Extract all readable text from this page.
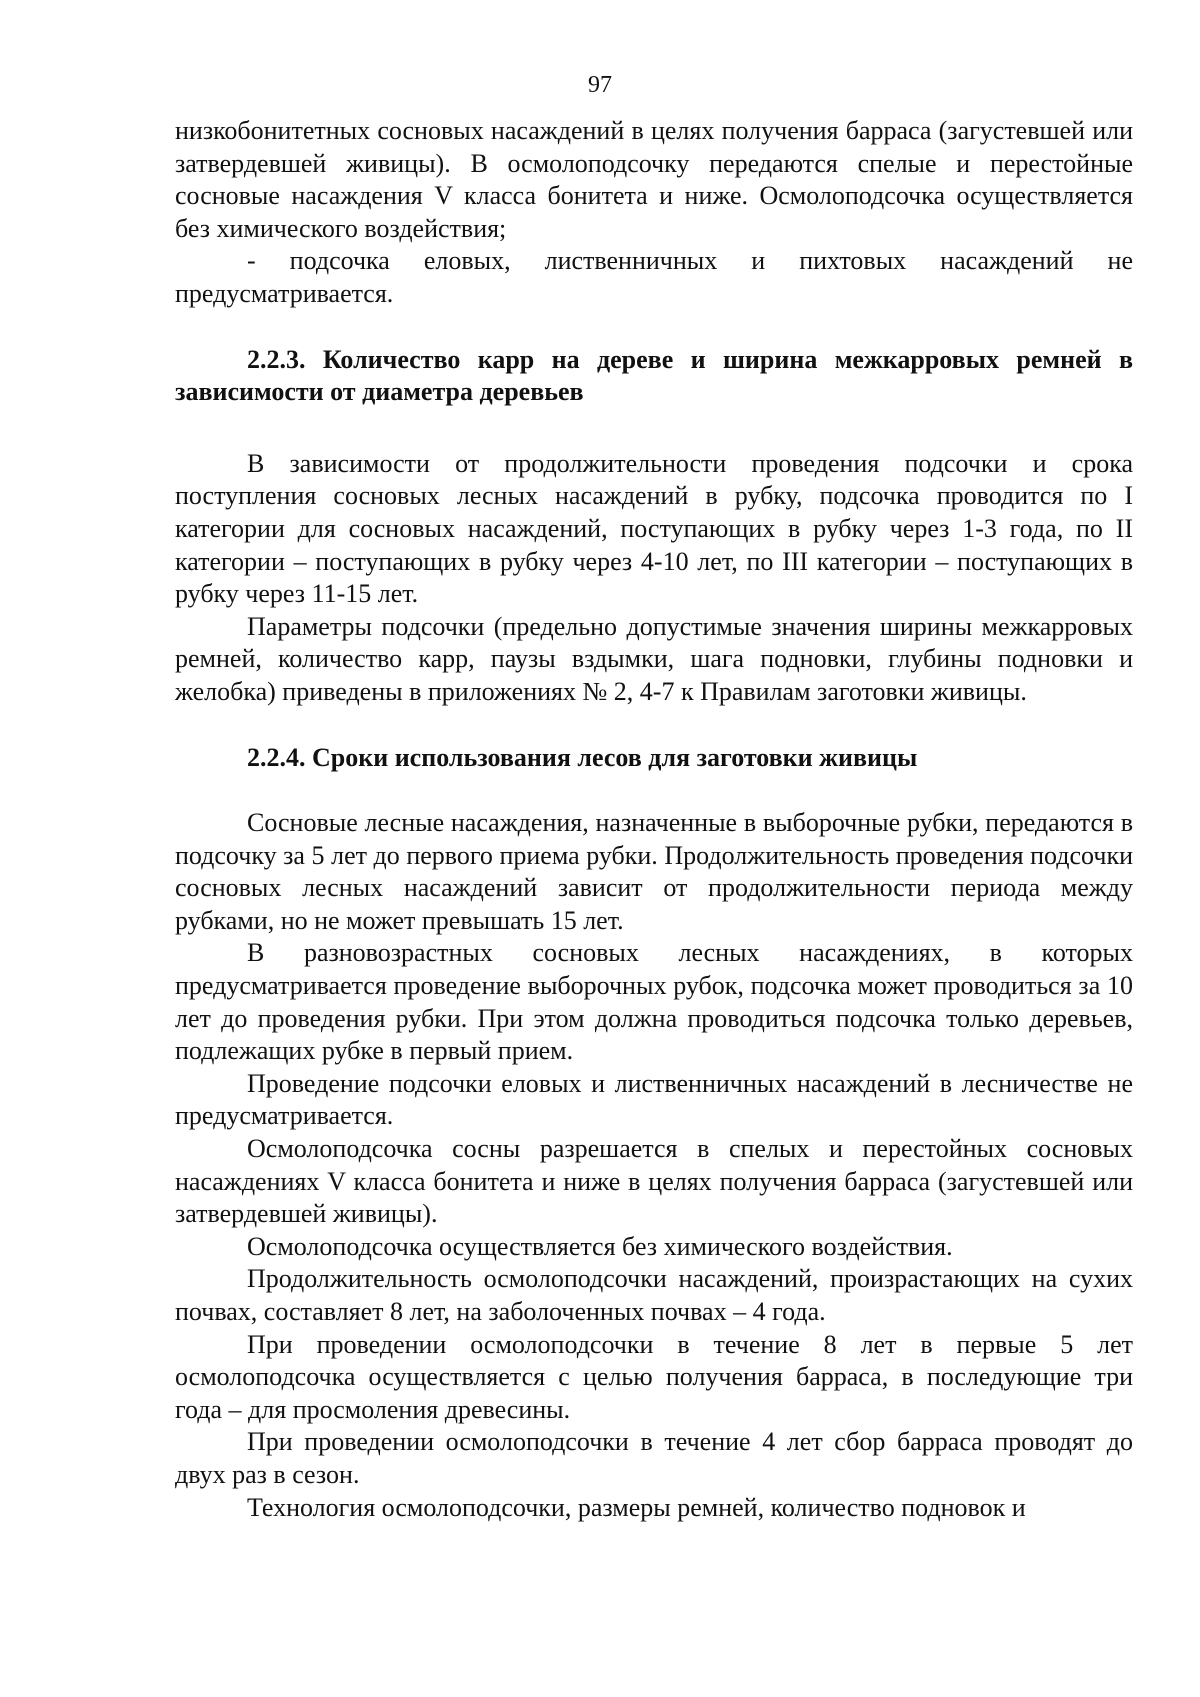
97

низкобонитетных сосновых насаждений в целях получения барраса (загустевшей или затвердевшей живицы). В осмолоподсочку передаются спелые и перестойные сосновые насаждения V класса бонитета и ниже. Осмолоподсочка осуществляется без химического воздействия;

- подсочка еловых, лиственничных и пихтовых насаждений не предусматривается.

2.2.3. Количество карр на дереве и ширина межкарровых ремней в зависимости от диаметра деревьев

В зависимости от продолжительности проведения подсочки и срока поступления сосновых лесных насаждений в рубку, подсочка проводится по I категории для сосновых насаждений, поступающих в рубку через 1-3 года, по II категории – поступающих в рубку через 4-10 лет, по III категории – поступающих в рубку через 11-15 лет.

Параметры подсочки (предельно допустимые значения ширины межкарровых ремней, количество карр, паузы вздымки, шага подновки, глубины подновки и желобка) приведены в приложениях № 2, 4-7 к Правилам заготовки живицы.

2.2.4. Сроки использования лесов для заготовки живицы

Сосновые лесные насаждения, назначенные в выборочные рубки, передаются в подсочку за 5 лет до первого приема рубки. Продолжительность проведения подсочки сосновых лесных насаждений зависит от продолжительности периода между рубками, но не может превышать 15 лет.

В разновозрастных сосновых лесных насаждениях, в которых предусматривается проведение выборочных рубок, подсочка может проводиться за 10 лет до проведения рубки. При этом должна проводиться подсочка только деревьев, подлежащих рубке в первый прием.

Проведение подсочки еловых и лиственничных насаждений в лесничестве не предусматривается.

Осмолоподсочка сосны разрешается в спелых и перестойных сосновых насаждениях V класса бонитета и ниже в целях получения барраса (загустевшей или затвердевшей живицы).

Осмолоподсочка осуществляется без химического воздействия.

Продолжительность осмолоподсочки насаждений, произрастающих на сухих почвах, составляет 8 лет, на заболоченных почвах – 4 года.

При проведении осмолоподсочки в течение 8 лет в первые 5 лет осмолоподсочка осуществляется с целью получения барраса, в последующие три года – для просмоления древесины.

При проведении осмолоподсочки в течение 4 лет сбор барраса проводят до двух раз в сезон.

Технология осмолоподсочки, размеры ремней, количество подновок и
